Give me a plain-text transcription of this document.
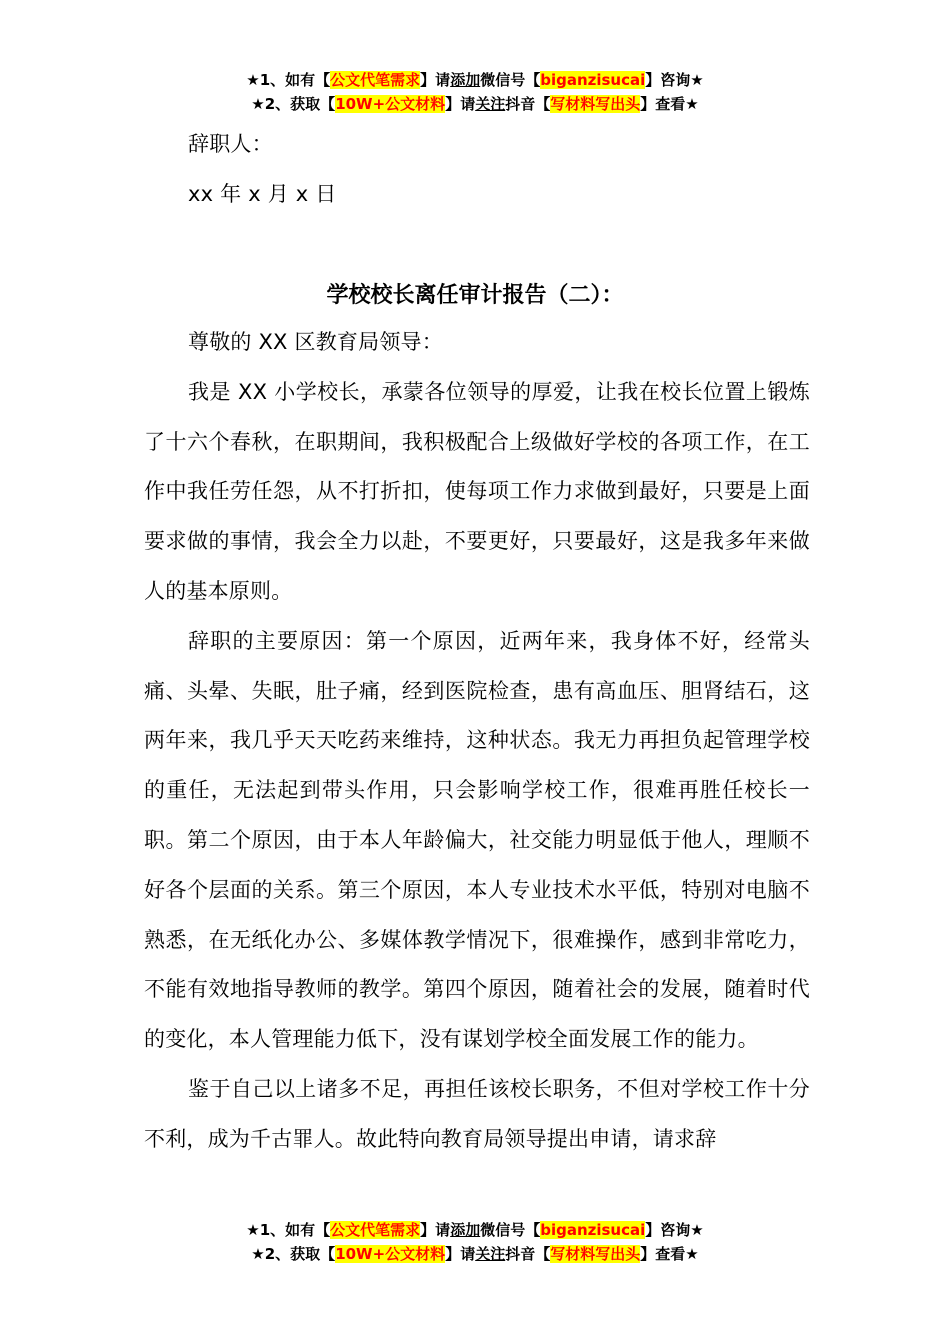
★1、如有【公文代笔需求】请添加微信号【biganzisucai】咨询★
★2、获取【10W+公文材料】请关注抖音【写材料写出头】查看★
辞职人：
xx 年 x 月 x 日
学校校长离任审计报告（二）：
尊敬的 XX 区教育局领导：

我是 XX 小学校长，承蒙各位领导的厚爱，让我在校长位置上锻炼了十六个春秋，在职期间，我积极配合上级做好学校的各项工作，在工作中我任劳任怨，从不打折扣，使每项工作力求做到最好，只要是上面要求做的事情，我会全力以赴，不要更好，只要最好，这是我多年来做人的基本原则。

辞职的主要原因：第一个原因，近两年来，我身体不好，经常头痛、头晕、失眠，肚子痛，经到医院检查，患有高血压、胆肾结石，这两年来，我几乎天天吃药来维持，这种状态。我无力再担负起管理学校的重任，无法起到带头作用，只会影响学校工作，很难再胜任校长一职。第二个原因，由于本人年龄偏大，社交能力明显低于他人，理顺不好各个层面的关系。第三个原因，本人专业技术水平低，特别对电脑不熟悉，在无纸化办公、多媒体教学情况下，很难操作，感到非常吃力，不能有效地指导教师的教学。第四个原因，随着社会的发展，随着时代的变化，本人管理能力低下，没有谋划学校全面发展工作的能力。

鉴于自己以上诸多不足，再担任该校长职务，不但对学校工作十分不利，成为千古罪人。故此特向教育局领导提出申请，请求辞

★1、如有【公文代笔需求】请添加微信号【biganzisucai】咨询★
★2、获取【10W+公文材料】请关注抖音【写材料写出头】查看★
